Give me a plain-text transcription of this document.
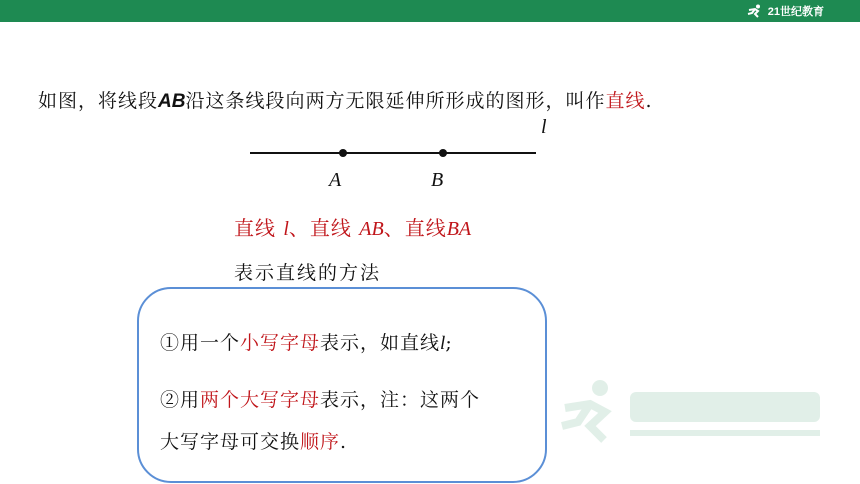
21世纪教育
如图，将线段AB沿这条线段向两方无限延伸所形成的图形，叫作直线.
l
A	B
直线 l、直线 AB、直线BA
表示直线的方法
①用一个小写字母表示，如直线l;
②用两个大写字母表示，注：这两个
大写字母可交换顺序.
